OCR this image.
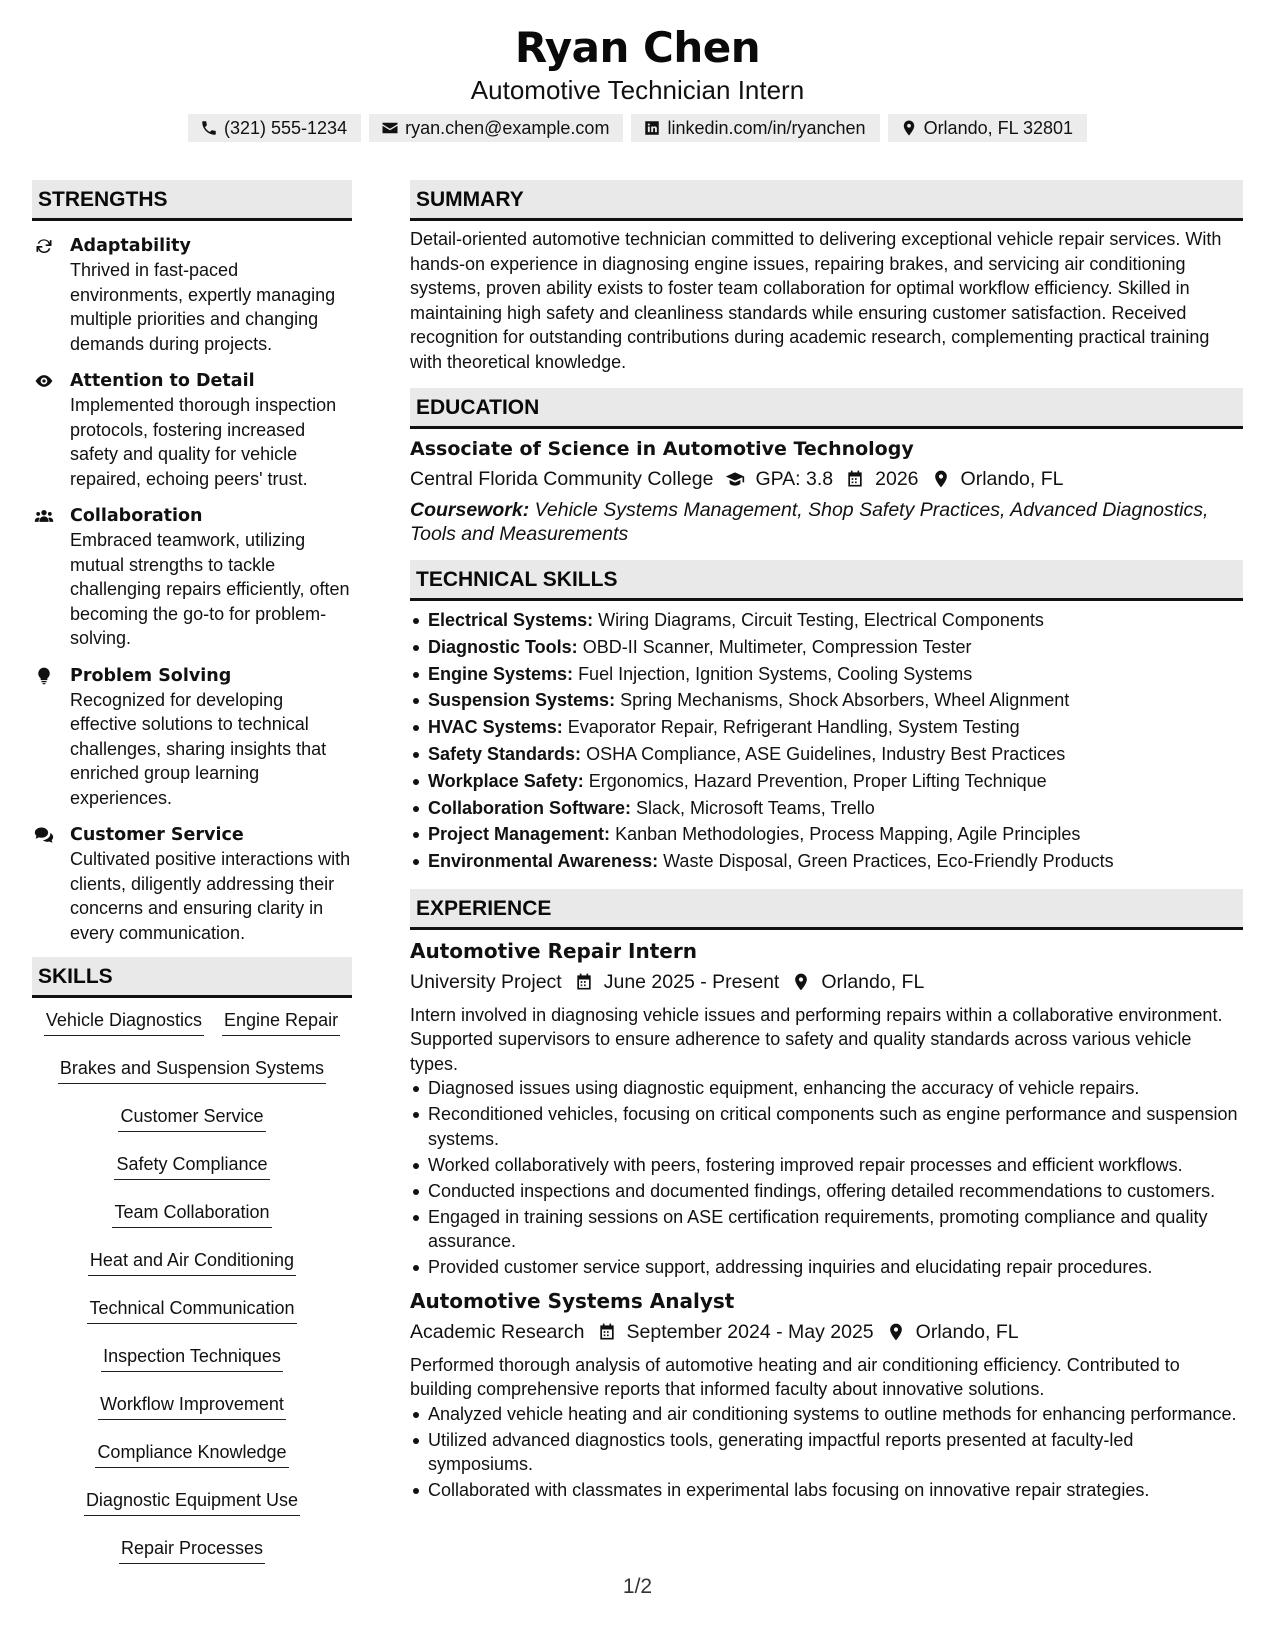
Ryan Chen
Automotive Technician Intern
(321) 555-1234	ryan.chen@example.com	linkedin.com/in/ryanchen	Orlando, FL 32801
STRENGTHS
Adaptability
Thrived in fast-paced environments, expertly managing multiple priorities and changing demands during projects.
Attention to Detail
Implemented thorough inspection protocols, fostering increased safety and quality for vehicle repaired, echoing peers' trust.
Collaboration
Embraced teamwork, utilizing mutual strengths to tackle challenging repairs efficiently, often becoming the go-to for problem-solving.
Problem Solving
Recognized for developing effective solutions to technical challenges, sharing insights that enriched group learning experiences.
Customer Service
Cultivated positive interactions with clients, diligently addressing their concerns and ensuring clarity in every communication.
SKILLS
Vehicle Diagnostics Engine Repair
Brakes and Suspension Systems
Customer Service
Safety Compliance
Team Collaboration
Heat and Air Conditioning
Technical Communication
Inspection Techniques
Workflow Improvement
Compliance Knowledge
Diagnostic Equipment Use
Repair Processes
SUMMARY
Detail-oriented automotive technician committed to delivering exceptional vehicle repair services. With hands-on experience in diagnosing engine issues, repairing brakes, and servicing air conditioning systems, proven ability exists to foster team collaboration for optimal workflow efficiency. Skilled in maintaining high safety and cleanliness standards while ensuring customer satisfaction. Received recognition for outstanding contributions during academic research, complementing practical training with theoretical knowledge.
EDUCATION
Associate of Science in Automotive Technology
Central Florida Community College GPA: 3.8 2026 Orlando, FL
Coursework: Vehicle Systems Management, Shop Safety Practices, Advanced Diagnostics, Tools and Measurements
TECHNICAL SKILLS
Electrical Systems: Wiring Diagrams, Circuit Testing, Electrical Components
Diagnostic Tools: OBD-II Scanner, Multimeter, Compression Tester
Engine Systems: Fuel Injection, Ignition Systems, Cooling Systems
Suspension Systems: Spring Mechanisms, Shock Absorbers, Wheel Alignment
HVAC Systems: Evaporator Repair, Refrigerant Handling, System Testing
Safety Standards: OSHA Compliance, ASE Guidelines, Industry Best Practices
Workplace Safety: Ergonomics, Hazard Prevention, Proper Lifting Technique
Collaboration Software: Slack, Microsoft Teams, Trello
Project Management: Kanban Methodologies, Process Mapping, Agile Principles
Environmental Awareness: Waste Disposal, Green Practices, Eco-Friendly Products
EXPERIENCE
Automotive Repair Intern
University Project June 2025 - Present Orlando, FL
Intern involved in diagnosing vehicle issues and performing repairs within a collaborative environment. Supported supervisors to ensure adherence to safety and quality standards across various vehicle types.
Diagnosed issues using diagnostic equipment, enhancing the accuracy of vehicle repairs.
Reconditioned vehicles, focusing on critical components such as engine performance and suspension systems.
Worked collaboratively with peers, fostering improved repair processes and efficient workflows.
Conducted inspections and documented findings, offering detailed recommendations to customers.
Engaged in training sessions on ASE certification requirements, promoting compliance and quality assurance.
Provided customer service support, addressing inquiries and elucidating repair procedures.
Automotive Systems Analyst
Academic Research September 2024 - May 2025 Orlando, FL
Performed thorough analysis of automotive heating and air conditioning efficiency. Contributed to building comprehensive reports that informed faculty about innovative solutions.
Analyzed vehicle heating and air conditioning systems to outline methods for enhancing performance.
Utilized advanced diagnostics tools, generating impactful reports presented at faculty-led symposiums.
Collaborated with classmates in experimental labs focusing on innovative repair strategies.
1/2
